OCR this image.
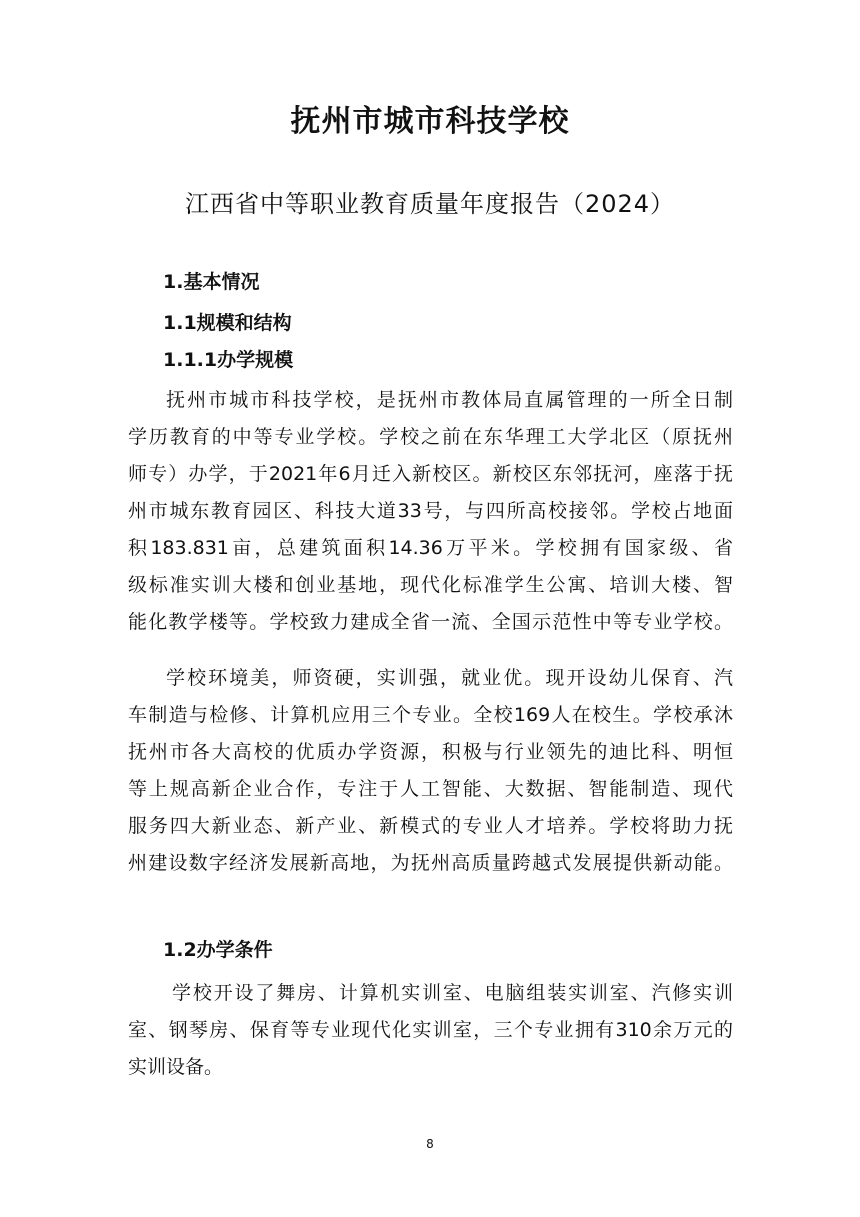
抚州市城市科技学校
江西省中等职业教育质量年度报告（2024）
1.基本情况
1.1规模和结构
1.1.1办学规模
抚州市城市科技学校，是抚州市教体局直属管理的一所全日制
学历教育的中等专业学校。学校之前在东华理工大学北区（原抚州
师专）办学，于2021年6月迁入新校区。新校区东邻抚河，座落于抚
州市城东教育园区、科技大道33号，与四所高校接邻。学校占地面
积183.831亩，总建筑面积14.36万平米。学校拥有国家级、省
级标准实训大楼和创业基地，现代化标准学生公寓、培训大楼、智
能化教学楼等。学校致力建成全省一流、全国示范性中等专业学校。
学校环境美，师资硬，实训强，就业优。现开设幼儿保育、汽
车制造与检修、计算机应用三个专业。全校169人在校生。学校承沐
抚州市各大高校的优质办学资源，积极与行业领先的迪比科、明恒
等上规高新企业合作，专注于人工智能、大数据、智能制造、现代
服务四大新业态、新产业、新模式的专业人才培养。学校将助力抚
州建设数字经济发展新高地，为抚州高质量跨越式发展提供新动能。
1.2办学条件
学校开设了舞房、计算机实训室、电脑组装实训室、汽修实训
室、钢琴房、保育等专业现代化实训室，三个专业拥有310余万元的
实训设备。
8
